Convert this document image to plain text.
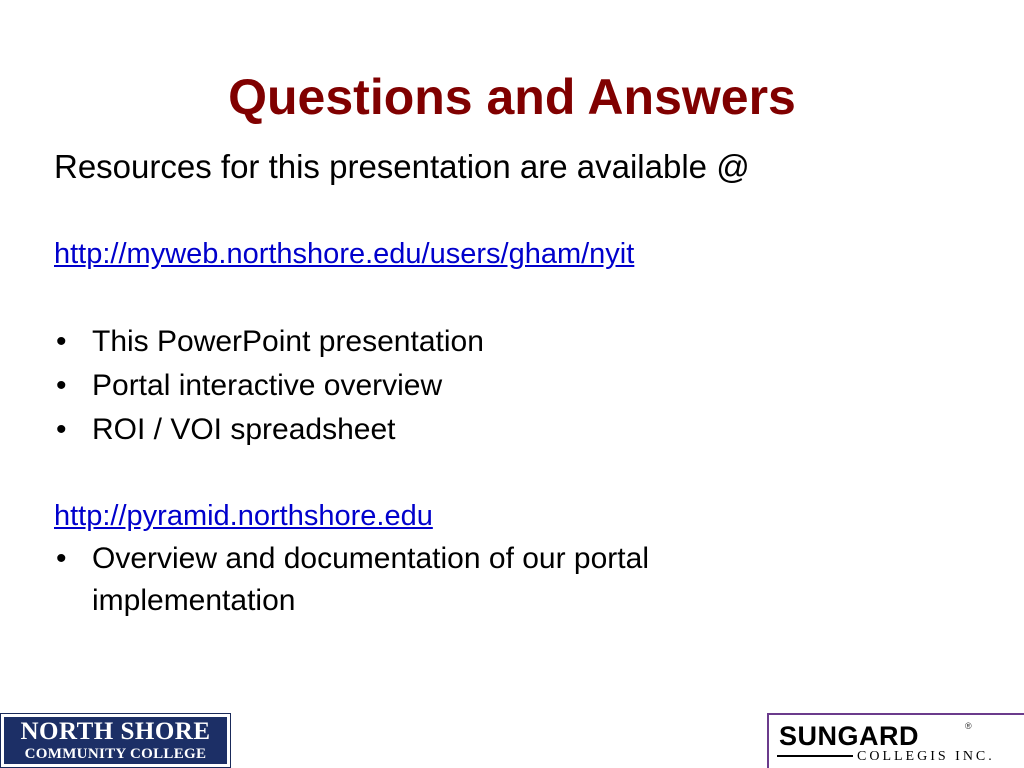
Questions and Answers

Resources for this presentation are available @

http://myweb.northshore.edu/users/gham/nyit
• This PowerPoint presentation
• Portal interactive overview
• ROI / VOI spreadsheet
http://pyramid.northshore.edu
• Overview and documentation of our portal implementation
NORTH SHORE
COMMUNITY COLLEGE
SUNGARD	®
COLLEGIS INC.
